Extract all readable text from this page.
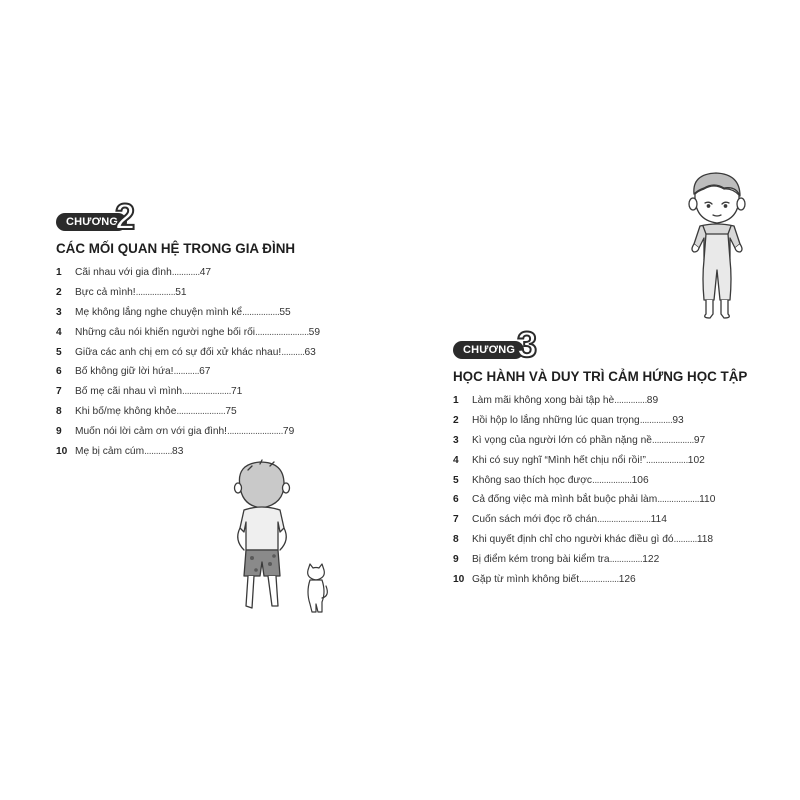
CHƯƠNG
2
CÁC MỐI QUAN HỆ TRONG GIA ĐÌNH
1	Cãi nhau với gia đình ............ 47
2	Bực cả mình! ................. 51
3	Mẹ không lắng nghe chuyện mình kể ................ 55
4	Những câu nói khiến người nghe bối rối ....................... 59
5	Giữa các anh chị em có sự đối xử khác nhau! .......... 63
6	Bố không giữ lời hứa! ........... 67
7	Bố mẹ cãi nhau vì mình ..................... 71
8	Khi bố/mẹ không khỏe ..................... 75
9	Muốn nói lời cảm ơn với gia đình! ........................ 79
10 Mẹ bị cảm cúm ............ 83
CHƯƠNG 3
HỌC HÀNH VÀ DUY TRÌ CẢM HỨNG HỌC TẬP
1	Làm mãi không xong bài tập hè .............. 89
2	Hồi hộp lo lắng những lúc quan trọng .............. 93
3	Kì vọng của người lớn có phần nặng nề .................. 97
4	Khi có suy nghĩ “Mình hết chịu nổi rồi!” .................. 102
5	Không sao thích học được ................. 106
6	Cả đống việc mà mình bắt buộc phải làm .................. 110
7	Cuốn sách mới đọc rõ chán ....................... 114
8	Khi quyết định chỉ cho người khác điều gì đó .......... 118
9	Bị điểm kém trong bài kiểm tra .............. 122
10 Gặp từ mình không biết ................. 126
